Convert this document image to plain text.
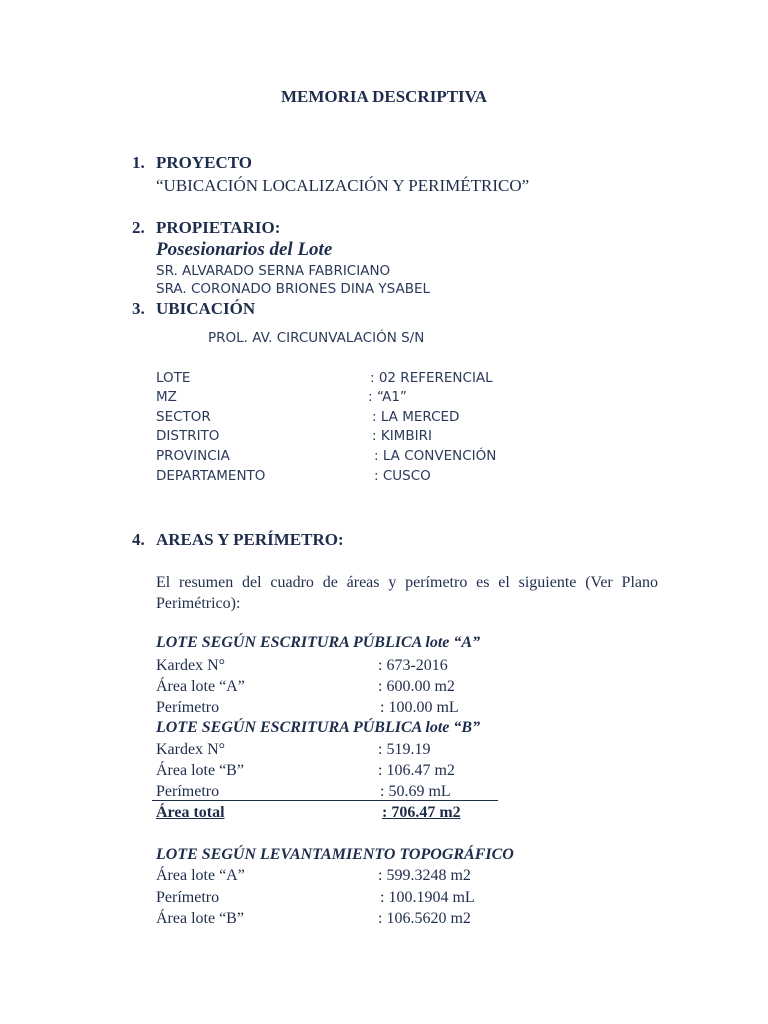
MEMORIA DESCRIPTIVA
1. PROYECTO
“UBICACIÓN LOCALIZACIÓN Y PERIMÉTRICO”
2. PROPIETARIO:
Posesionarios del Lote
SR. ALVARADO SERNA FABRICIANO
SRA. CORONADO BRIONES DINA YSABEL
3. UBICACIÓN
PROL. AV. CIRCUNVALACIÓN S/N
LOTE	: 02 REFERENCIAL
MZ	: “A1”
SECTOR	: LA MERCED
DISTRITO	: KIMBIRI
PROVINCIA	: LA CONVENCIÓN
DEPARTAMENTO	: CUSCO
4. AREAS Y PERÍMETRO:
El resumen del cuadro de áreas y perímetro es el siguiente (Ver Plano Perimétrico):
LOTE SEGÚN ESCRITURA PÚBLICA lote “A”
Kardex N°	: 673-2016
Área lote “A”	: 600.00 m2
Perímetro	: 100.00 mL
LOTE SEGÚN ESCRITURA PÚBLICA lote “B”
Kardex N°	: 519.19
Área lote “B”	: 106.47 m2
Perímetro	: 50.69 mL
Área total	: 706.47 m2
LOTE SEGÚN LEVANTAMIENTO TOPOGRÁFICO
Área lote “A”	: 599.3248 m2
Perímetro	: 100.1904 mL
Área lote “B”	: 106.5620 m2
